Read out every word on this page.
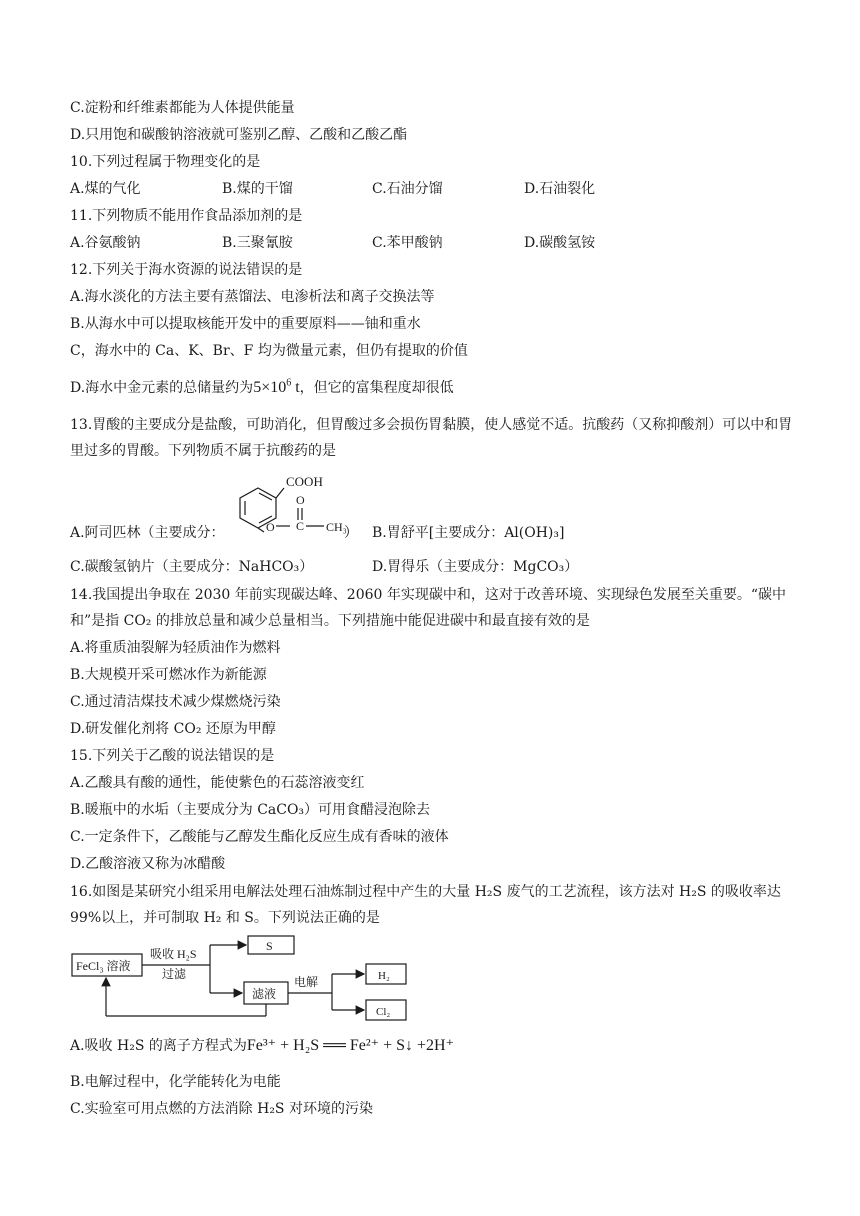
C.淀粉和纤维素都能为人体提供能量
D.只用饱和碳酸钠溶液就可鉴别乙醇、乙酸和乙酸乙酯
10.下列过程属于物理变化的是
A.煤的气化	B.煤的干馏	C.石油分馏	D.石油裂化
11.下列物质不能用作食品添加剂的是
A.谷氨酸钠	B.三聚氰胺	C.苯甲酸钠	D.碳酸氢铵
12.下列关于海水资源的说法错误的是
A.海水淡化的方法主要有蒸馏法、电渗析法和离子交换法等
B.从海水中可以提取核能开发中的重要原料——铀和重水
C，海水中的 Ca、K、Br、F 均为微量元素，但仍有提取的价值
D.海水中金元素的总储量约为$5\times 10^6$ t，但它的富集程度却很低
13.胃酸的主要成分是盐酸，可助消化，但胃酸过多会损伤胃黏膜，使人感觉不适。抗酸药（又称抑酸剂）可以中和胃里过多的胃酸。下列物质不属于抗酸药的是
COOH
O
O	CH₃
C
A.阿司匹林（主要成分：	） B.胃舒平[主要成分：Al(OH)₃]
C.碳酸氢钠片（主要成分：NaHCO₃）	D.胃得乐（主要成分：MgCO₃）
14.我国提出争取在 2030 年前实现碳达峰、2060 年实现碳中和，这对于改善环境、实现绿色发展至关重要。“碳中和”是指 CO₂ 的排放总量和减少总量相当。下列措施中能促进碳中和最直接有效的是
A.将重质油裂解为轻质油作为燃料
B.大规模开采可燃冰作为新能源
C.通过清洁煤技术减少煤燃烧污染
D.研发催化剂将 CO₂ 还原为甲醇
15.下列关于乙酸的说法错误的是
A.乙酸具有酸的通性，能使紫色的石蕊溶液变红
B.暖瓶中的水垢（主要成分为 CaCO₃）可用食醋浸泡除去
C.一定条件下，乙酸能与乙醇发生酯化反应生成有香味的液体
D.乙酸溶液又称为冰醋酸
16.如图是某研究小组采用电解法处理石油炼制过程中产生的大量 H₂S 废气的工艺流程，该方法对 H₂S 的吸收率达 99%以上，并可制取 H₂ 和 S。下列说法正确的是
FeCl₃ 溶液
吸收 H₂S
过滤
S
滤液
电解	H₂
Cl₂
A.吸收 H₂S 的离子方程式为Fe³⁺ + H₂S ══ Fe²⁺ + S↓ +2H⁺
B.电解过程中，化学能转化为电能
C.实验室可用点燃的方法消除 H₂S 对环境的污染
